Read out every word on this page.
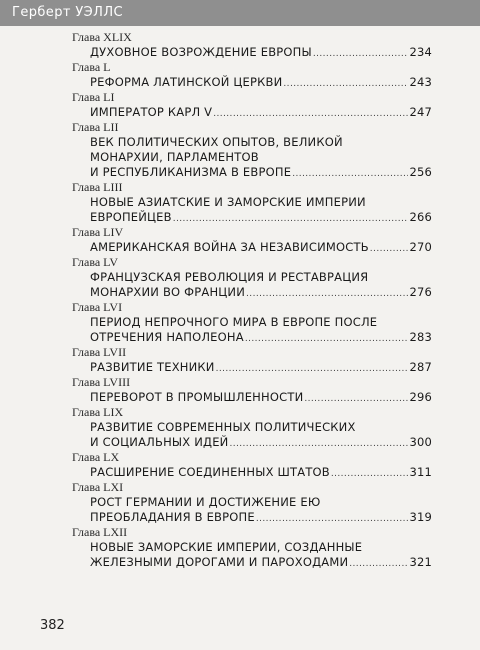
Герберт УЭЛЛС
Глава XLIX
ДУХОВНОЕ ВОЗРОЖДЕНИЕ ЕВРОПЫ .....	234
Глава L
РЕФОРМА ЛАТИНСКОЙ ЦЕРКВИ .....	243
Глава LI
ИМПЕРАТОР КАРЛ V .....	247
Глава LII
ВЕК ПОЛИТИЧЕСКИХ ОПЫТОВ, ВЕЛИКОЙ
МОНАРХИИ, ПАРЛАМЕНТОВ
И РЕСПУБЛИКАНИЗМА В ЕВРОПЕ .....	256
Глава LIII
НОВЫЕ АЗИАТСКИЕ И ЗАМОРСКИЕ ИМПЕРИИ
ЕВРОПЕЙЦЕВ .....	266
Глава LIV
АМЕРИКАНСКАЯ ВОЙНА ЗА НЕЗАВИСИМОСТЬ .....	270
Глава LV
ФРАНЦУЗСКАЯ РЕВОЛЮЦИЯ И РЕСТАВРАЦИЯ
МОНАРХИИ ВО ФРАНЦИИ .....	276
Глава LVI
ПЕРИОД НЕПРОЧНОГО МИРА В ЕВРОПЕ ПОСЛЕ
ОТРЕЧЕНИЯ НАПОЛЕОНА .....	283
Глава LVII
РАЗВИТИЕ ТЕХНИКИ .....	287
Глава LVIII
ПЕРЕВОРОТ В ПРОМЫШЛЕННОСТИ .....	296
Глава LIX
РАЗВИТИЕ СОВРЕМЕННЫХ ПОЛИТИЧЕСКИХ
И СОЦИАЛЬНЫХ ИДЕЙ .....	300
Глава LX
РАСШИРЕНИЕ СОЕДИНЕННЫХ ШТАТОВ .....	311
Глава LXI
РОСТ ГЕРМАНИИ И ДОСТИЖЕНИЕ ЕЮ
ПРЕОБЛАДАНИЯ В ЕВРОПЕ .....	319
Глава LXII
НОВЫЕ ЗАМОРСКИЕ ИМПЕРИИ, СОЗДАННЫЕ
ЖЕЛЕЗНЫМИ ДОРОГАМИ И ПАРОХОДАМИ .....	321
382
